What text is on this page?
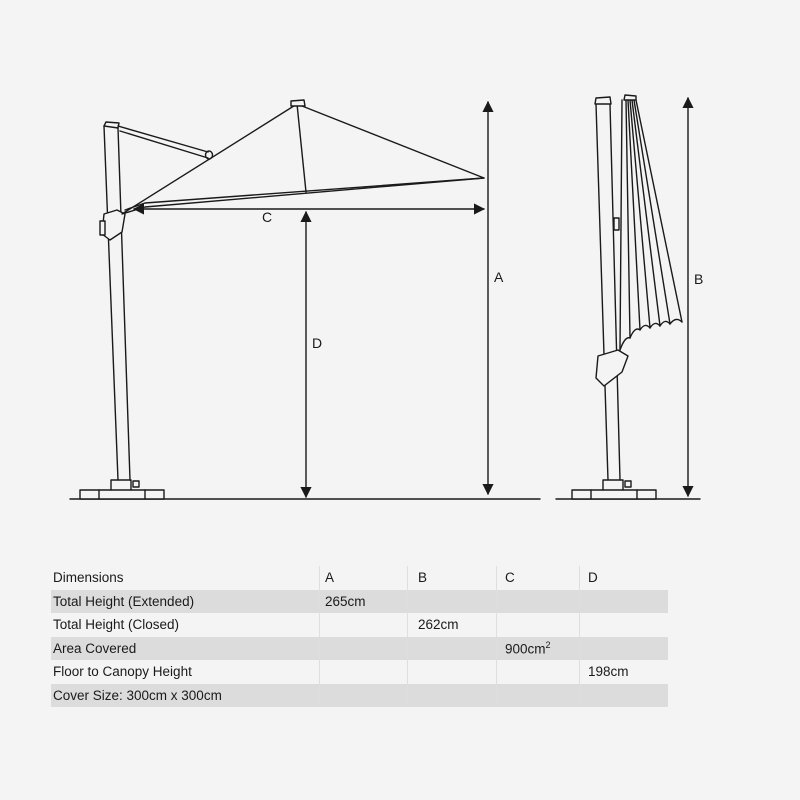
C
D
A	B
Dimensions	A	B	C	D
Total Height (Extended)	265cm			
Total Height (Closed)		262cm		
Area Covered			$900cm^2$	
Floor to Canopy Height				198cm
Cover Size: 300cm x 300cm				
